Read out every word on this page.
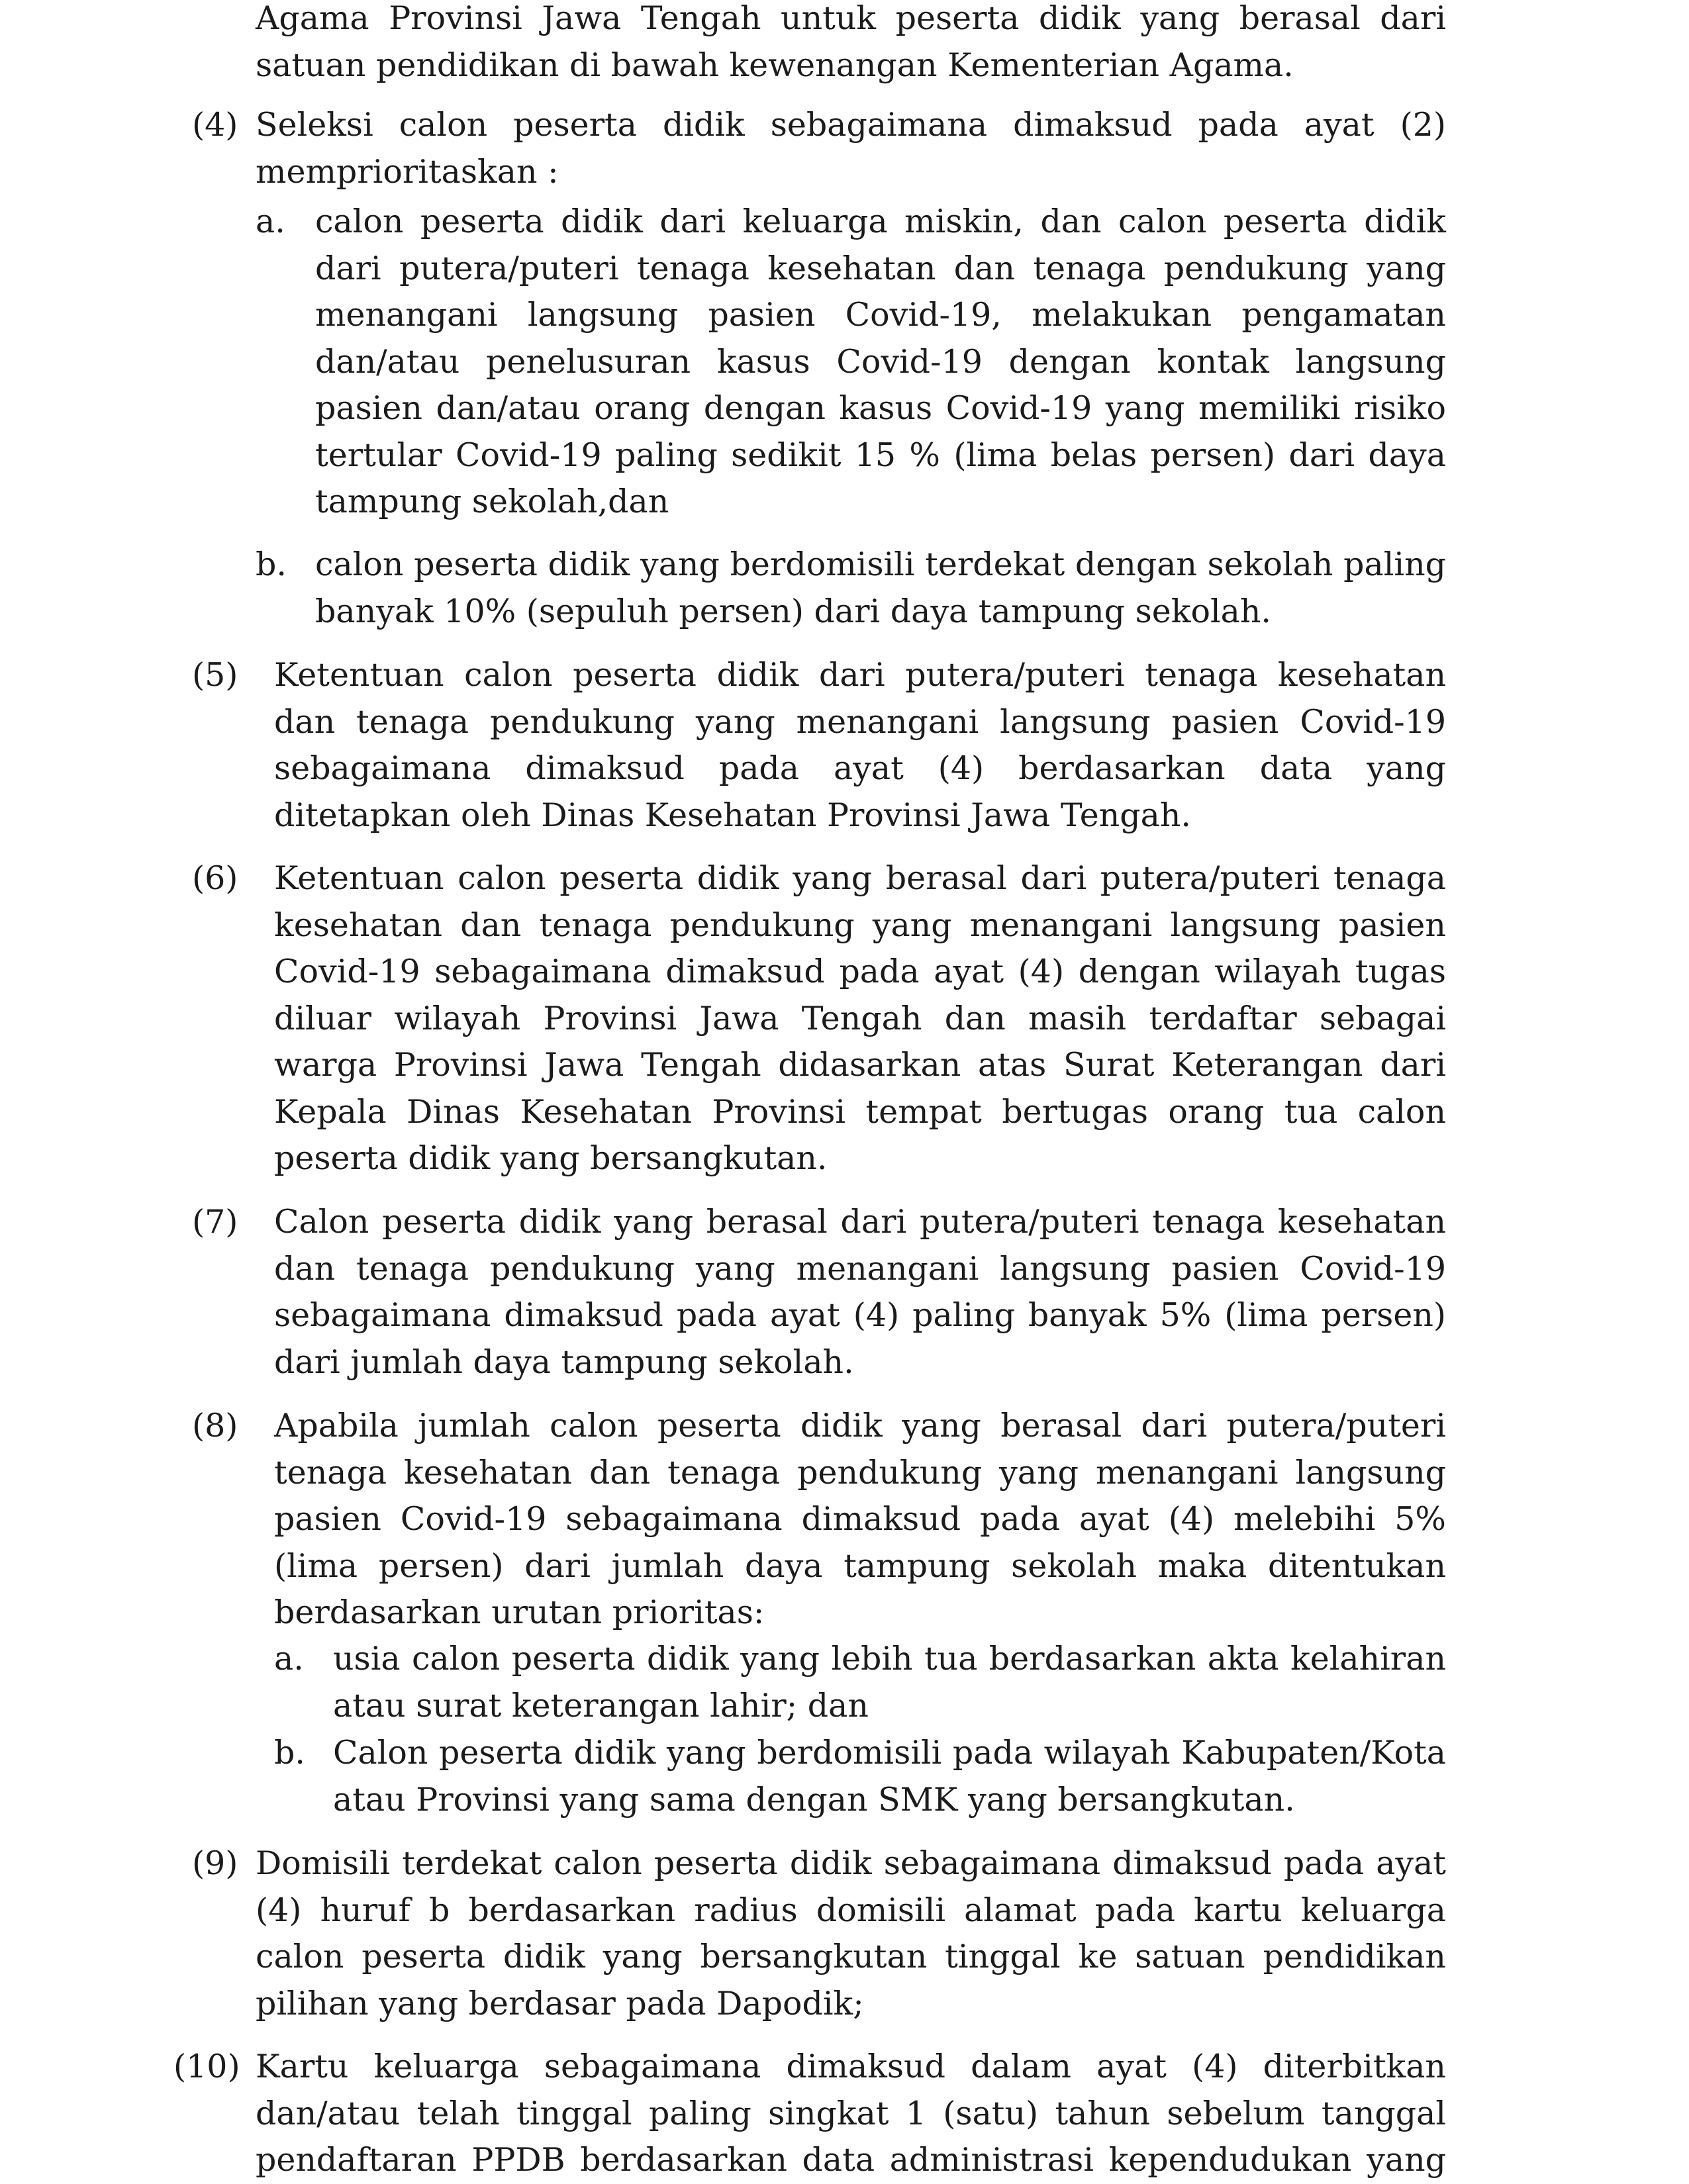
Agama Provinsi Jawa Tengah untuk peserta didik yang berasal dari satuan pendidikan di bawah kewenangan Kementerian Agama.

(4) Seleksi calon peserta didik sebagaimana dimaksud pada ayat (2) memprioritaskan :

a. calon peserta didik dari keluarga miskin, dan calon peserta didik dari putera/puteri tenaga kesehatan dan tenaga pendukung yang menangani langsung pasien Covid-19, melakukan pengamatan dan/atau penelusuran kasus Covid-19 dengan kontak langsung pasien dan/atau orang dengan kasus Covid-19 yang memiliki risiko tertular Covid-19 paling sedikit 15 % (lima belas persen) dari daya tampung sekolah,dan

b. calon peserta didik yang berdomisili terdekat dengan sekolah paling banyak 10% (sepuluh persen) dari daya tampung sekolah.

(5) Ketentuan calon peserta didik dari putera/puteri tenaga kesehatan dan tenaga pendukung yang menangani langsung pasien Covid-19 sebagaimana dimaksud pada ayat (4) berdasarkan data yang ditetapkan oleh Dinas Kesehatan Provinsi Jawa Tengah.

(6) Ketentuan calon peserta didik yang berasal dari putera/puteri tenaga kesehatan dan tenaga pendukung yang menangani langsung pasien Covid-19 sebagaimana dimaksud pada ayat (4) dengan wilayah tugas diluar wilayah Provinsi Jawa Tengah dan masih terdaftar sebagai warga Provinsi Jawa Tengah didasarkan atas Surat Keterangan dari Kepala Dinas Kesehatan Provinsi tempat bertugas orang tua calon peserta didik yang bersangkutan.

(7) Calon peserta didik yang berasal dari putera/puteri tenaga kesehatan dan tenaga pendukung yang menangani langsung pasien Covid-19 sebagaimana dimaksud pada ayat (4) paling banyak 5% (lima persen) dari jumlah daya tampung sekolah.

(8) Apabila jumlah calon peserta didik yang berasal dari putera/puteri tenaga kesehatan dan tenaga pendukung yang menangani langsung pasien Covid-19 sebagaimana dimaksud pada ayat (4) melebihi 5% (lima persen) dari jumlah daya tampung sekolah maka ditentukan berdasarkan urutan prioritas:

a. usia calon peserta didik yang lebih tua berdasarkan akta kelahiran atau surat keterangan lahir; dan

b. Calon peserta didik yang berdomisili pada wilayah Kabupaten/Kota atau Provinsi yang sama dengan SMK yang bersangkutan.

(9) Domisili terdekat calon peserta didik sebagaimana dimaksud pada ayat (4) huruf b berdasarkan radius domisili alamat pada kartu keluarga calon peserta didik yang bersangkutan tinggal ke satuan pendidikan pilihan yang berdasar pada Dapodik;

(10) Kartu keluarga sebagaimana dimaksud dalam ayat (4) diterbitkan dan/atau telah tinggal paling singkat 1 (satu) tahun sebelum tanggal pendaftaran PPDB berdasarkan data administrasi kependudukan yang
